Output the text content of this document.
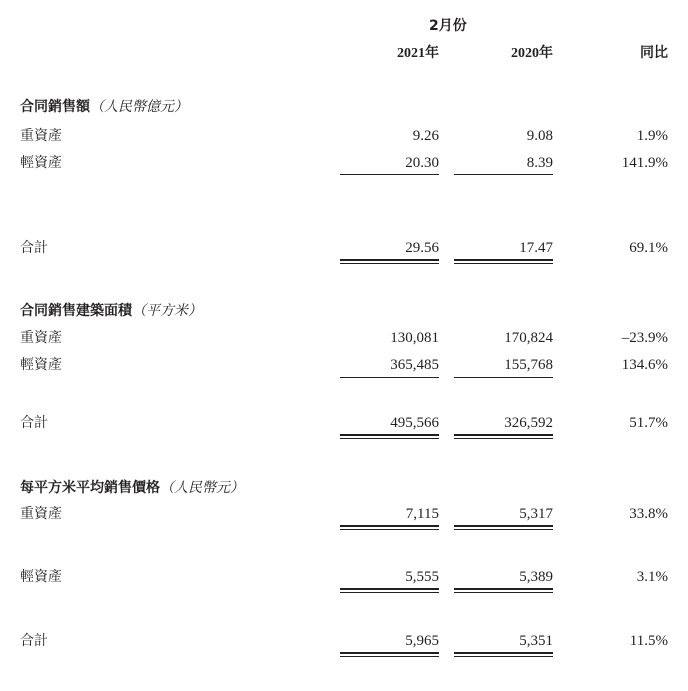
2月份
2021年	2020年	同比
合同銷售額（人民幣億元）
重資產	9.26	9.08	1.9%
輕資產	20.30	8.39	141.9%
合計	29.56	17.47	69.1%
合同銷售建築面積（平方米）
重資產	130,081	170,824	–23.9%
輕資產	365,485	155,768	134.6%
合計	495,566	326,592	51.7%
每平方米平均銷售價格（人民幣元）
重資產	7,115	5,317	33.8%
輕資產	5,555	5,389	3.1%
合計	5,965	5,351	11.5%
